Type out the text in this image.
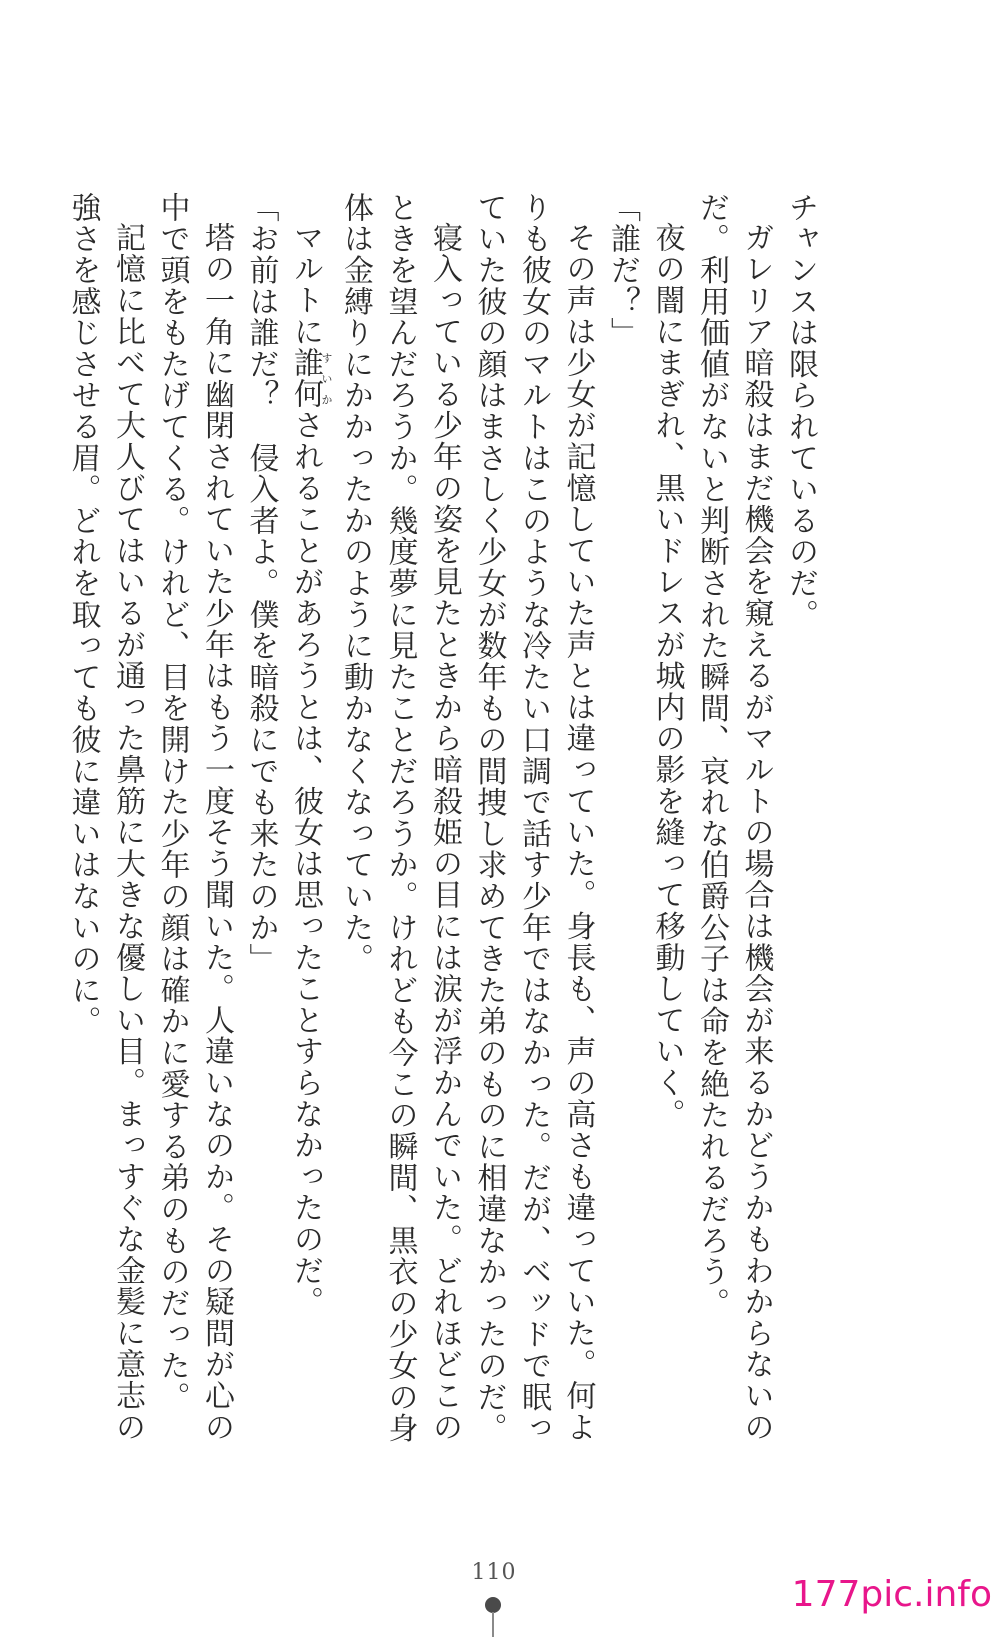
チャンスは限られているのだ。
ガレリア暗殺はまだ機会を窺えるがマルトの場合は機会が来るかどうかもわからないの
だ。利用価値がないと判断された瞬間、哀れな伯爵公子は命を絶たれるだろう。
夜の闇にまぎれ、黒いドレスが城内の影を縫って移動していく。
「誰だ？」
その声は少女が記憶していた声とは違っていた。身長も、声の高さも違っていた。何よ
りも彼女のマルトはこのような冷たい口調で話す少年ではなかった。だが、ベッドで眠っ
ていた彼の顔はまさしく少女が数年もの間捜し求めてきた弟のものに相違なかったのだ。
寝入っている少年の姿を見たときから暗殺姫の目には涙が浮かんでいた。どれほどこの
ときを望んだろうか。幾度夢に見たことだろうか。けれども今この瞬間、黒衣の少女の身
体は金縛りにかかったかのように動かなくなっていた。
マルトに誰何すいかされることがあろうとは、彼女は思ったことすらなかったのだ。
「お前は誰だ？　侵入者よ。僕を暗殺にでも来たのか」
塔の一角に幽閉されていた少年はもう一度そう聞いた。人違いなのか。その疑問が心の
中で頭をもたげてくる。けれど、目を開けた少年の顔は確かに愛する弟のものだった。
記憶に比べて大人びてはいるが通った鼻筋に大きな優しい目。まっすぐな金髪に意志の
強さを感じさせる眉。どれを取っても彼に違いはないのに。
110
177pic.info
